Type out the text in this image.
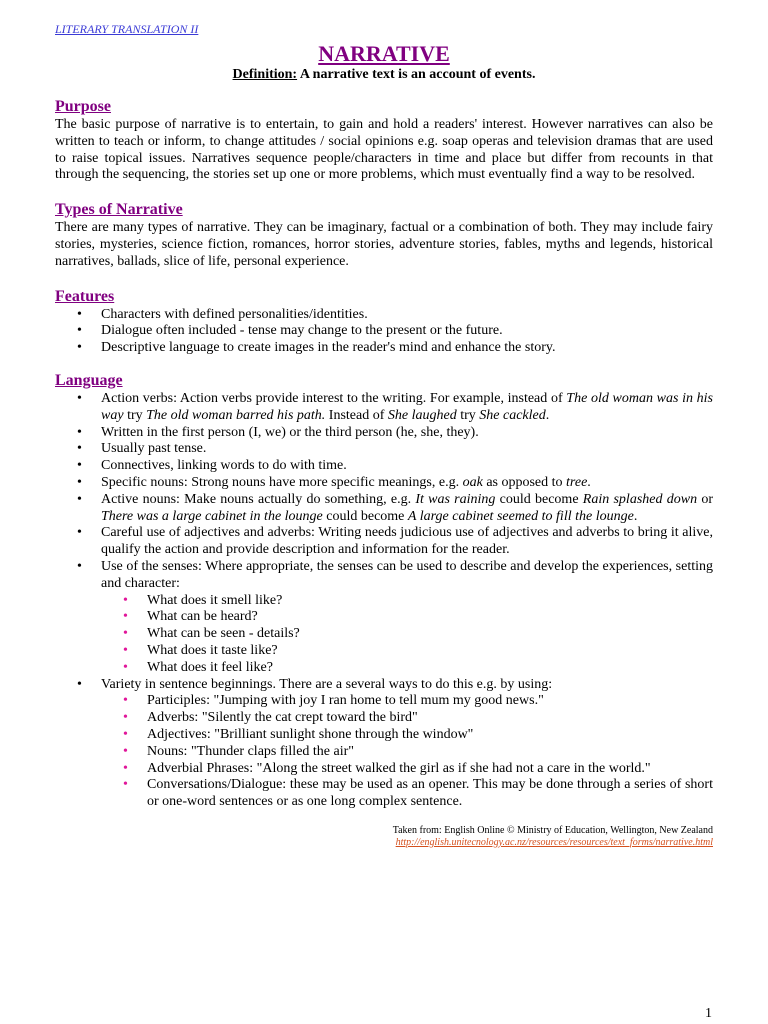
LITERARY TRANSLATION II
NARRATIVE

Definition: A narrative text is an account of events.

Purpose

The basic purpose of narrative is to entertain, to gain and hold a readers' interest. However narratives can also be written to teach or inform, to change attitudes / social opinions e.g. soap operas and television dramas that are used to raise topical issues. Narratives sequence people/characters in time and place but differ from recounts in that through the sequencing, the stories set up one or more problems, which must eventually find a way to be resolved.

Types of Narrative

There are many types of narrative. They can be imaginary, factual or a combination of both. They may include fairy stories, mysteries, science fiction, romances, horror stories, adventure stories, fables, myths and legends, historical narratives, ballads, slice of life, personal experience.

Features
• Characters with defined personalities/identities.
• Dialogue often included - tense may change to the present or the future.
• Descriptive language to create images in the reader's mind and enhance the story.
Language
• Action verbs: Action verbs provide interest to the writing. For example, instead of The old woman was in his way try The old woman barred his path. Instead of She laughed try She cackled.
• Written in the first person (I, we) or the third person (he, she, they).
• Usually past tense.
• Connectives, linking words to do with time.
• Specific nouns: Strong nouns have more specific meanings, e.g. oak as opposed to tree.
• Active nouns: Make nouns actually do something, e.g. It was raining could become Rain splashed down or There was a large cabinet in the lounge could become A large cabinet seemed to fill the lounge.
• Careful use of adjectives and adverbs: Writing needs judicious use of adjectives and adverbs to bring it alive, qualify the action and provide description and information for the reader.
• Use of the senses: Where appropriate, the senses can be used to describe and develop the experiences, setting and character:
• What does it smell like?
• What can be heard?
• What can be seen - details?
• What does it taste like?
• What does it feel like?
• Variety in sentence beginnings. There are a several ways to do this e.g. by using:
• Participles: "Jumping with joy I ran home to tell mum my good news."
• Adverbs: "Silently the cat crept toward the bird"
• Adjectives: "Brilliant sunlight shone through the window"
• Nouns: "Thunder claps filled the air"
• Adverbial Phrases: "Along the street walked the girl as if she had not a care in the world."
• Conversations/Dialogue: these may be used as an opener. This may be done through a series of short or one-word sentences or as one long complex sentence.
Taken from: English Online © Ministry of Education, Wellington, New Zealand
http://english.unitecnology.ac.nz/resources/resources/text_forms/narrative.html
1
